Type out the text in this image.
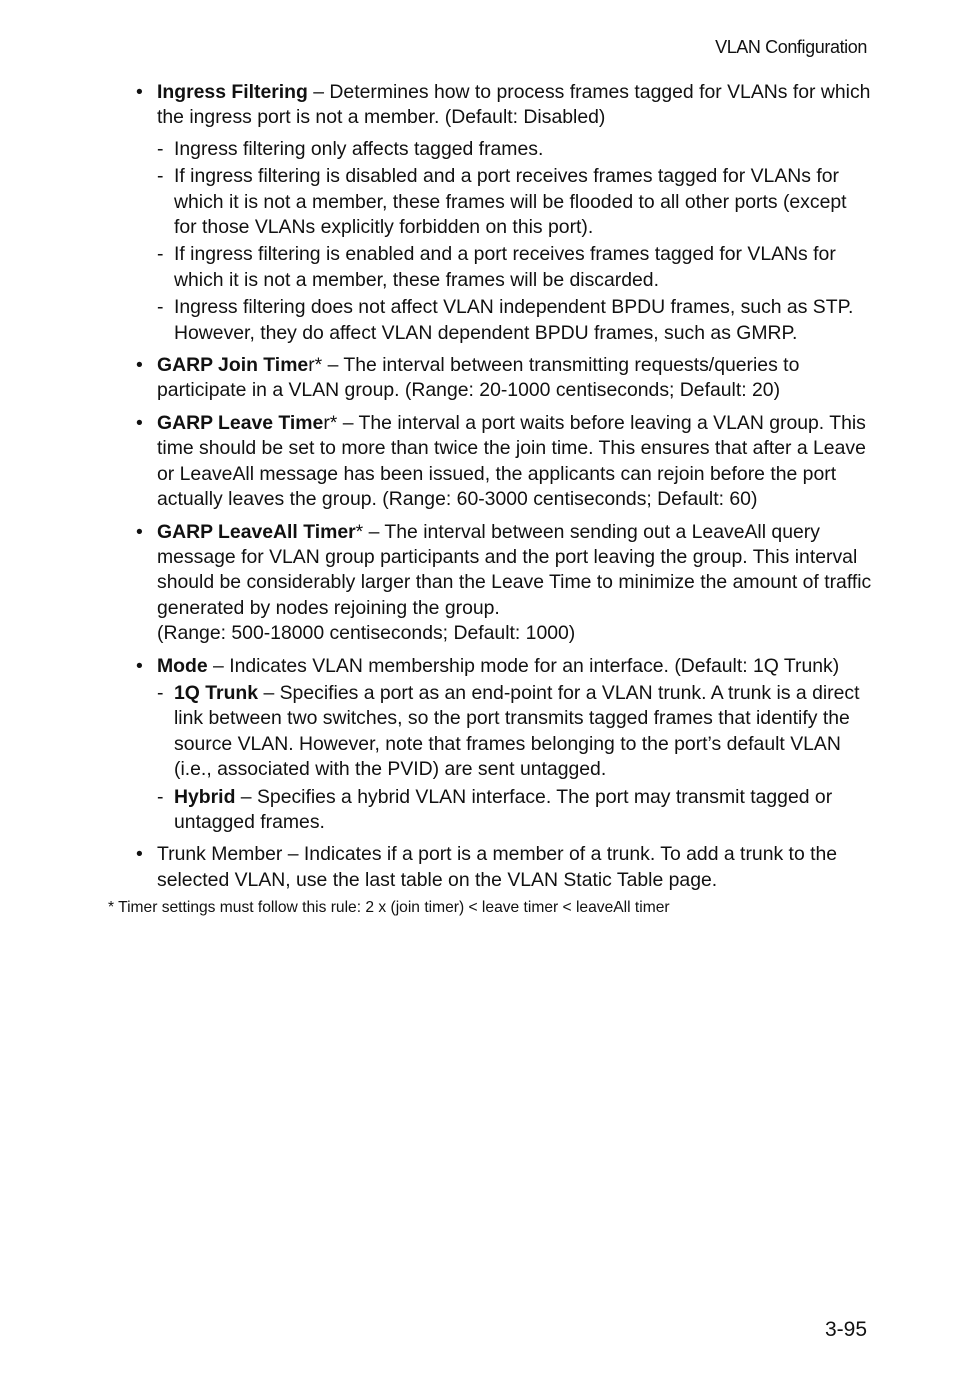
VLAN Configuration
• Ingress Filtering – Determines how to process frames tagged for VLANs for which the ingress port is not a member. (Default: Disabled)
- Ingress filtering only affects tagged frames.
- If ingress filtering is disabled and a port receives frames tagged for VLANs for which it is not a member, these frames will be flooded to all other ports (except for those VLANs explicitly forbidden on this port).
- If ingress filtering is enabled and a port receives frames tagged for VLANs for which it is not a member, these frames will be discarded.
- Ingress filtering does not affect VLAN independent BPDU frames, such as STP. However, they do affect VLAN dependent BPDU frames, such as GMRP.
• GARP Join Timer* – The interval between transmitting requests/queries to participate in a VLAN group. (Range: 20-1000 centiseconds; Default: 20)
• GARP Leave Timer* – The interval a port waits before leaving a VLAN group. This time should be set to more than twice the join time. This ensures that after a Leave or LeaveAll message has been issued, the applicants can rejoin before the port actually leaves the group. (Range: 60-3000 centiseconds; Default: 60)
• GARP LeaveAll Timer* – The interval between sending out a LeaveAll query message for VLAN group participants and the port leaving the group. This interval should be considerably larger than the Leave Time to minimize the amount of traffic generated by nodes rejoining the group.
(Range: 500-18000 centiseconds; Default: 1000)
• Mode – Indicates VLAN membership mode for an interface. (Default: 1Q Trunk)
- 1Q Trunk – Specifies a port as an end-point for a VLAN trunk. A trunk is a direct link between two switches, so the port transmits tagged frames that identify the source VLAN. However, note that frames belonging to the port’s default VLAN (i.e., associated with the PVID) are sent untagged.
- Hybrid – Specifies a hybrid VLAN interface. The port may transmit tagged or untagged frames.
• Trunk Member – Indicates if a port is a member of a trunk. To add a trunk to the selected VLAN, use the last table on the VLAN Static Table page.
* Timer settings must follow this rule: 2 x (join timer) < leave timer < leaveAll timer
3-95
